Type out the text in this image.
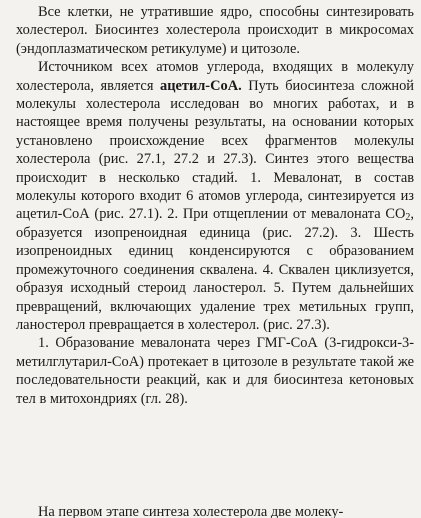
Все клетки, не утратившие ядро, способны синтезировать холестерол. Биосинтез холестерола происходит в микросомах (эндоплазматическом ретикулуме) и цитозоле.

Источником всех атомов углерода, входящих в молекулу холестерола, является ацетил-СоА. Путь биосинтеза сложной молекулы холестерола исследован во многих работах, и в настоящее время получены результаты, на основании которых установлено происхождение всех фрагментов молекулы холестерола (рис. 27.1, 27.2 и 27.3). Синтез этого вещества происходит в несколько стадий. 1. Мевалонат, в состав молекулы которого входит 6 атомов углерода, синтезируется из ацетил-СоА (рис. 27.1). 2. При отщеплении от мевалоната $СО_2$, образуется изопреноидная единица (рис. 27.2). 3. Шесть изопреноидных единиц конденсируются с образованием промежуточного соединения сквалена. 4. Сквален циклизуется, образуя исходный стероид ланостерол. 5. Путем дальнейших превращений, включающих удаление трех метильных групп, ланостерол превращается в холестерол. (рис. 27.3).

1. Образование мевалоната через ГМГ-СоА (3-гидрокси-3-метилглутарил-СоА) протекает в цитозоле в результате такой же последовательности реакций, как и для биосинтеза кетоновых тел в митохондриях (гл. 28).

На первом этапе синтеза холестерола две молеку-
